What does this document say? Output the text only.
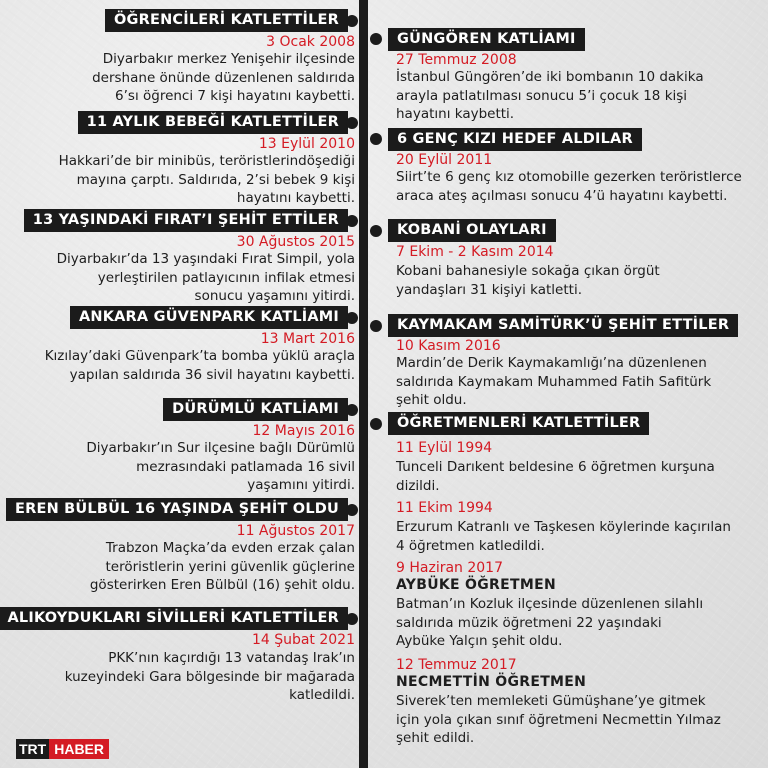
ÖĞRENCİLERİ KATLETTİLER
3 Ocak 2008
Diyarbakır merkez Yenişehir ilçesinde
dershane önünde düzenlenen saldırıda
6’sı öğrenci 7 kişi hayatını kaybetti.
11 AYLIK BEBEĞİ KATLETTİLER
13 Eylül 2010
Hakkari’de bir minibüs, teröristlerindöşediği
mayına çarptı. Saldırıda, 2’si bebek 9 kişi
hayatını kaybetti.
13 YAŞINDAKİ FIRAT’I ŞEHİT ETTİLER
30 Ağustos 2015
Diyarbakır’da 13 yaşındaki Fırat Simpil, yola
yerleştirilen patlayıcının infilak etmesi
sonucu yaşamını yitirdi.
ANKARA GÜVENPARK KATLİAMI
13 Mart 2016
Kızılay’daki Güvenpark’ta bomba yüklü araçla
yapılan saldırıda 36 sivil hayatını kaybetti.
DÜRÜMLÜ KATLİAMI
12 Mayıs 2016
Diyarbakır’ın Sur ilçesine bağlı Dürümlü
mezrasındaki patlamada 16 sivil
yaşamını yitirdi.
EREN BÜLBÜL 16 YAŞINDA ŞEHİT OLDU
11 Ağustos 2017
Trabzon Maçka’da evden erzak çalan
teröristlerin yerini güvenlik güçlerine
gösterirken Eren Bülbül (16) şehit oldu.
ALIKOYDUKLARI SİVİLLERİ KATLETTİLER
14 Şubat 2021
PKK’nın kaçırdığı 13 vatandaş Irak’ın
kuzeyindeki Gara bölgesinde bir mağarada
katledildi.
GÜNGÖREN KATLİAMI
27 Temmuz 2008
İstanbul Güngören’de iki bombanın 10 dakika
arayla patlatılması sonucu 5’i çocuk 18 kişi
hayatını kaybetti.
6 GENÇ KIZI HEDEF ALDILAR
20 Eylül 2011
Siirt’te 6 genç kız otomobille gezerken teröristlerce
araca ateş açılması sonucu 4’ü hayatını kaybetti.
KOBANİ OLAYLARI
7 Ekim - 2 Kasım 2014
Kobani bahanesiyle sokağa çıkan örgüt
yandaşları 31 kişiyi katletti.
KAYMAKAM SAMİTÜRK’Ü ŞEHİT ETTİLER
10 Kasım 2016
Mardin’de Derik Kaymakamlığı’na düzenlenen
saldırıda Kaymakam Muhammed Fatih Safitürk
şehit oldu.
ÖĞRETMENLERİ KATLETTİLER
11 Eylül 1994
Tunceli Darıkent beldesine 6 öğretmen kurşuna
dizildi.
11 Ekim 1994
Erzurum Katranlı ve Taşkesen köylerinde kaçırılan
4 öğretmen katledildi.
9 Haziran 2017
AYBÜKE ÖĞRETMEN
Batman’ın Kozluk ilçesinde düzenlenen silahlı
saldırıda müzik öğretmeni 22 yaşındaki
Aybüke Yalçın şehit oldu.
12 Temmuz 2017
NECMETTİN ÖĞRETMEN
Siverek’ten memleketi Gümüşhane’ye gitmek
için yola çıkan sınıf öğretmeni Necmettin Yılmaz
şehit edildi.
TRT HABER
